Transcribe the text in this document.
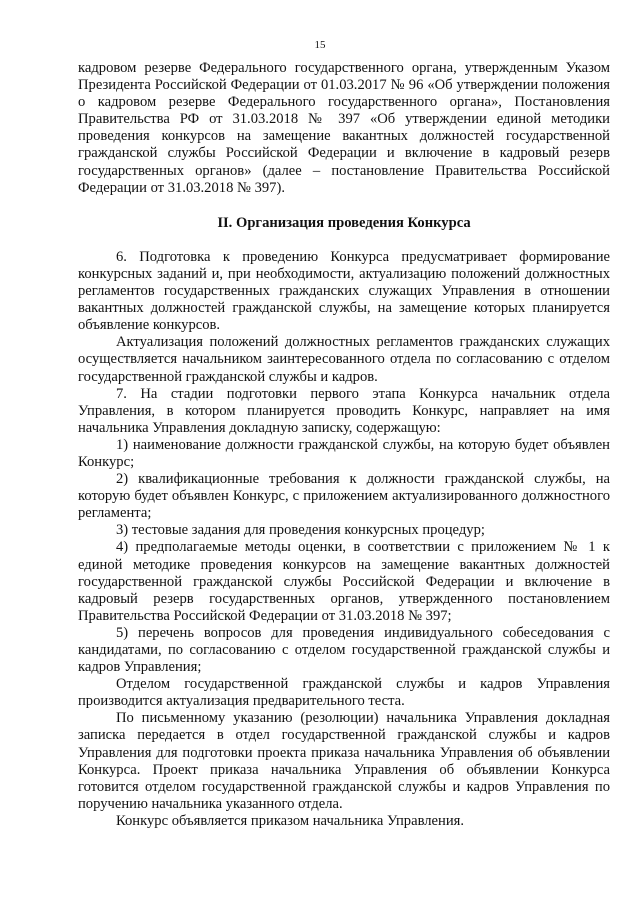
15

кадровом резерве Федерального государственного органа, утвержденным Указом Президента Российской Федерации от 01.03.2017 № 96 «Об утверждении положения о кадровом резерве Федерального государственного органа», Постановления Правительства РФ от 31.03.2018 № 397 «Об утверждении единой методики проведения конкурсов на замещение вакантных должностей государственной гражданской службы Российской Федерации и включение в кадровый резерв государственных органов» (далее – постановление Правительства Российской Федерации от 31.03.2018 № 397).

II. Организация проведения Конкурса

6. Подготовка к проведению Конкурса предусматривает формирование конкурсных заданий и, при необходимости, актуализацию положений должностных регламентов государственных гражданских служащих Управления в отношении вакантных должностей гражданской службы, на замещение которых планируется объявление конкурсов.

Актуализация положений должностных регламентов гражданских служащих осуществляется начальником заинтересованного отдела по согласованию с отделом государственной гражданской службы и кадров.

7. На стадии подготовки первого этапа Конкурса начальник отдела Управления, в котором планируется проводить Конкурс, направляет на имя начальника Управления докладную записку, содержащую:

1) наименование должности гражданской службы, на которую будет объявлен Конкурс;

2) квалификационные требования к должности гражданской службы, на которую будет объявлен Конкурс, с приложением актуализированного должностного регламента;

3) тестовые задания для проведения конкурсных процедур;

4) предполагаемые методы оценки, в соответствии с приложением № 1 к единой методике проведения конкурсов на замещение вакантных должностей государственной гражданской службы Российской Федерации и включение в кадровый резерв государственных органов, утвержденного постановлением Правительства Российской Федерации от 31.03.2018 № 397;

5) перечень вопросов для проведения индивидуального собеседования с кандидатами, по согласованию с отделом государственной гражданской службы и кадров Управления;

Отделом государственной гражданской службы и кадров Управления производится актуализация предварительного теста.

По письменному указанию (резолюции) начальника Управления докладная записка передается в отдел государственной гражданской службы и кадров Управления для подготовки проекта приказа начальника Управления об объявлении Конкурса. Проект приказа начальника Управления об объявлении Конкурса готовится отделом государственной гражданской службы и кадров Управления по поручению начальника указанного отдела.

Конкурс объявляется приказом начальника Управления.
